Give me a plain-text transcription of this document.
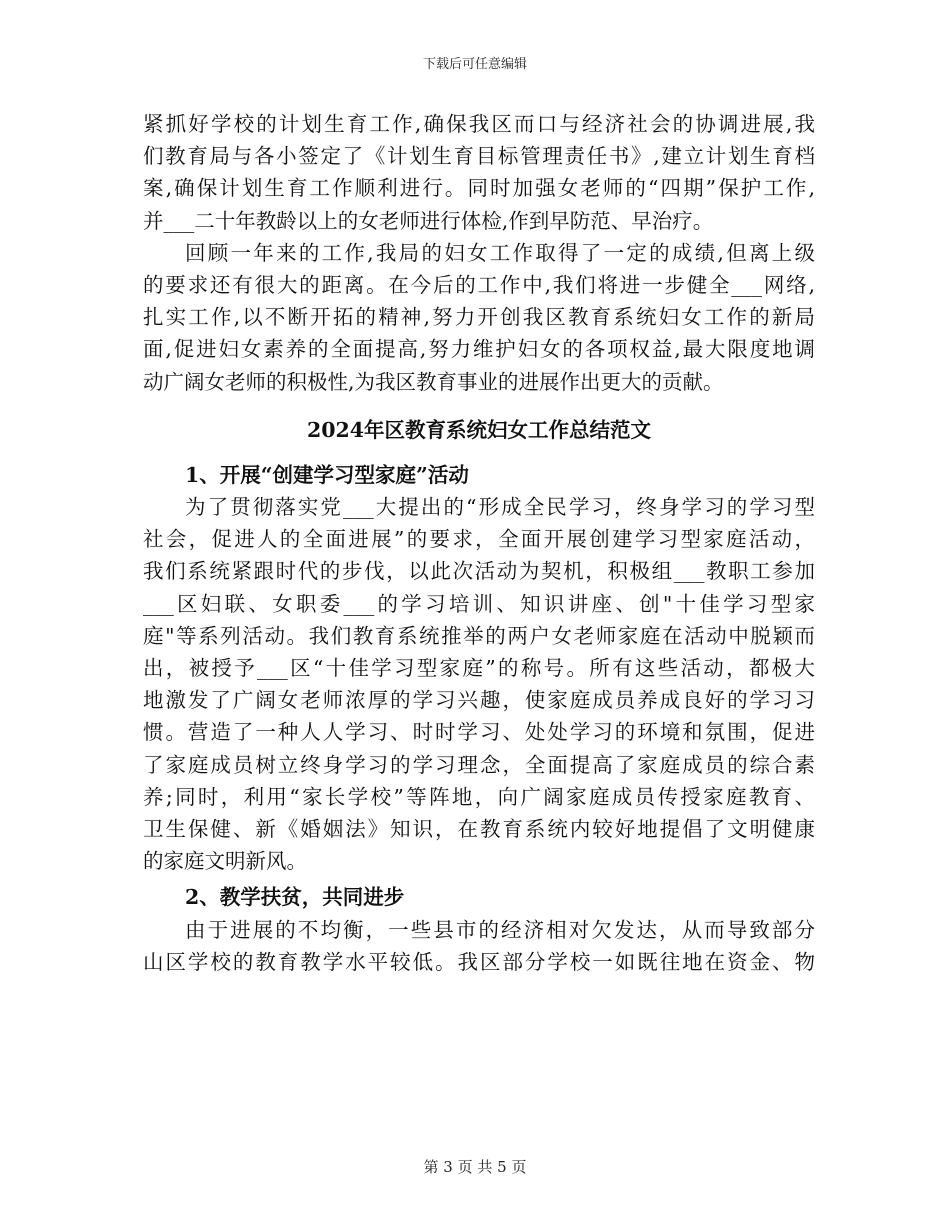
下载后可任意编辑
紧抓好学校的计划生育工作,确保我区而口与经济社会的协调进展,我
们教育局与各小签定了《计划生育目标管理责任书》,建立计划生育档
案,确保计划生育工作顺利进行。同时加强女老师的“四期”保护工作,
并___二十年教龄以上的女老师进行体检,作到早防范、早治疗。
回顾一年来的工作,我局的妇女工作取得了一定的成绩,但离上级
的要求还有很大的距离。在今后的工作中,我们将进一步健全___网络,
扎实工作,以不断开拓的精神,努力开创我区教育系统妇女工作的新局
面,促进妇女素养的全面提高,努力维护妇女的各项权益,最大限度地调
动广阔女老师的积极性,为我区教育事业的进展作出更大的贡献。
2024年区教育系统妇女工作总结范文
1、开展“创建学习型家庭”活动
为了贯彻落实党___大提出的“形成全民学习，终身学习的学习型
社会，促进人的全面进展”的要求，全面开展创建学习型家庭活动，
我们系统紧跟时代的步伐，以此次活动为契机，积极组___教职工参加
___区妇联、女职委___的学习培训、知识讲座、创"十佳学习型家
庭"等系列活动。我们教育系统推举的两户女老师家庭在活动中脱颖而
出，被授予___区“十佳学习型家庭”的称号。所有这些活动，都极大
地激发了广阔女老师浓厚的学习兴趣，使家庭成员养成良好的学习习
惯。营造了一种人人学习、时时学习、处处学习的环境和氛围，促进
了家庭成员树立终身学习的学习理念，全面提高了家庭成员的综合素
养;同时，利用“家长学校”等阵地，向广阔家庭成员传授家庭教育、
卫生保健、新《婚姻法》知识，在教育系统内较好地提倡了文明健康
的家庭文明新风。
2、教学扶贫，共同进步
由于进展的不均衡，一些县市的经济相对欠发达，从而导致部分
山区学校的教育教学水平较低。我区部分学校一如既往地在资金、物
第 3 页 共 5 页
